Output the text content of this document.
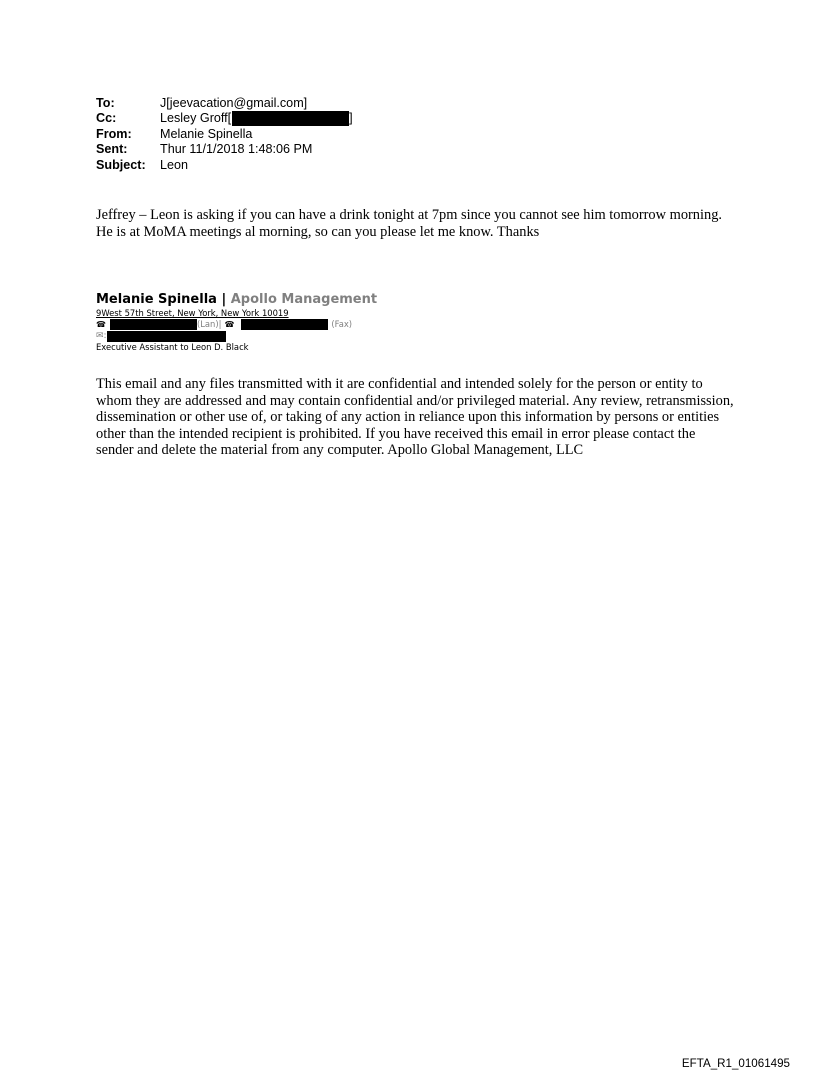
To:	J[jeevacation@gmail.com]
Cc:	Lesley Groff[	]
From:	Melanie Spinella
Sent:	Thur 11/1/2018 1:48:06 PM
Subject:	Leon
Jeffrey – Leon is asking if you can have a drink tonight at 7pm since you cannot see him tomorrow morning. He is at MoMA meetings al morning, so can you please let me know. Thanks
Melanie Spinella | Apollo Management
9West 57th Street, New York, New York 10019
☎	(Lan)| ☎	(Fax)
✉:
Executive Assistant to Leon D. Black
This email and any files transmitted with it are confidential and intended solely for the person or entity to whom they are addressed and may contain confidential and/or privileged material. Any review, retransmission, dissemination or other use of, or taking of any action in reliance upon this information by persons or entities other than the intended recipient is prohibited. If you have received this email in error please contact the sender and delete the material from any computer. Apollo Global Management, LLC
EFTA_R1_01061495
